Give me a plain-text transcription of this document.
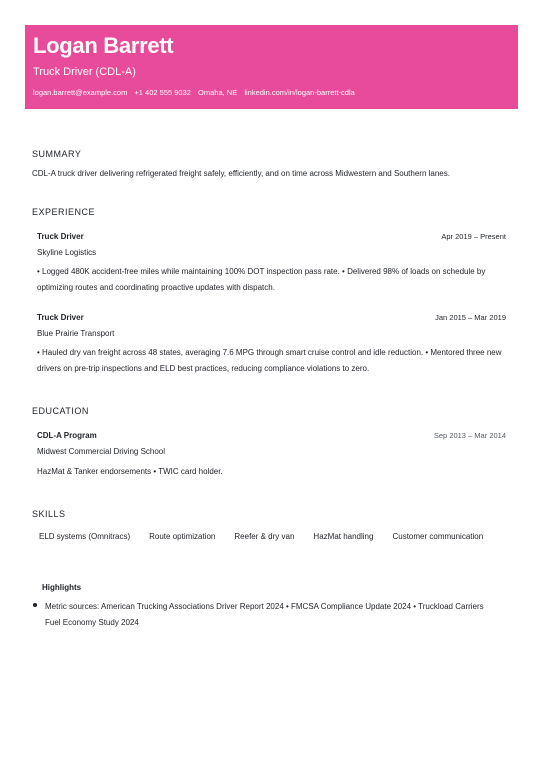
Logan Barrett
Truck Driver (CDL-A)
logan.barrett@example.com +1 402 555 9032 Omaha, NE linkedin.com/in/logan-barrett-cdla
SUMMARY
CDL-A truck driver delivering refrigerated freight safely, efficiently, and on time across Midwestern and Southern lanes.
EXPERIENCE
Truck Driver	Apr 2019 – Present
Skyline Logistics
• Logged 480K accident-free miles while maintaining 100% DOT inspection pass rate. • Delivered 98% of loads on schedule by optimizing routes and coordinating proactive updates with dispatch.
Truck Driver	Jan 2015 – Mar 2019
Blue Prairie Transport
• Hauled dry van freight across 48 states, averaging 7.6 MPG through smart cruise control and idle reduction. • Mentored three new drivers on pre-trip inspections and ELD best practices, reducing compliance violations to zero.
EDUCATION
CDL-A Program	Sep 2013 – Mar 2014
Midwest Commercial Driving School
HazMat & Tanker endorsements • TWIC card holder.
SKILLS
ELD systems (Omnitracs) Route optimization Reefer & dry van HazMat handling Customer communication
Highlights
Metric sources: American Trucking Associations Driver Report 2024 • FMCSA Compliance Update 2024 • Truckload Carriers Fuel Economy Study 2024
